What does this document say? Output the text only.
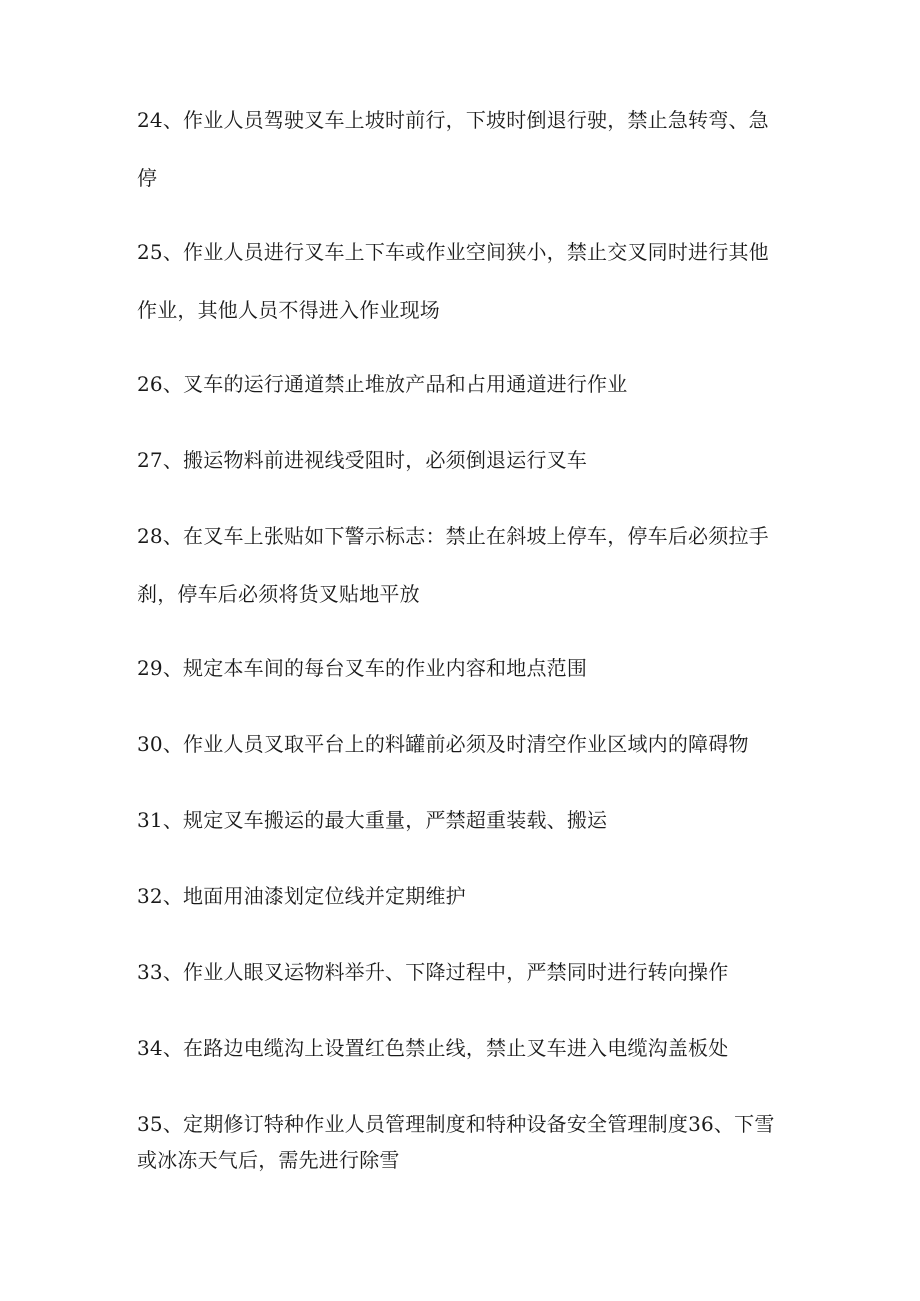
24、作业人员驾驶叉车上坡时前行，下坡时倒退行驶，禁止急转弯、急
停
25、作业人员进行叉车上下车或作业空间狭小，禁止交叉同时进行其他
作业，其他人员不得进入作业现场
26、叉车的运行通道禁止堆放产品和占用通道进行作业
27、搬运物料前进视线受阻时，必须倒退运行叉车
28、在叉车上张贴如下警示标志：禁止在斜坡上停车，停车后必须拉手
刹，停车后必须将货叉贴地平放
29、规定本车间的每台叉车的作业内容和地点范围
30、作业人员叉取平台上的料罐前必须及时清空作业区域内的障碍物
31、规定叉车搬运的最大重量，严禁超重装载、搬运
32、地面用油漆划定位线并定期维护
33、作业人眼叉运物料举升、下降过程中，严禁同时进行转向操作
34、在路边电缆沟上设置红色禁止线，禁止叉车进入电缆沟盖板处
35、定期修订特种作业人员管理制度和特种设备安全管理制度36、下雪
或冰冻天气后，需先进行除雪
